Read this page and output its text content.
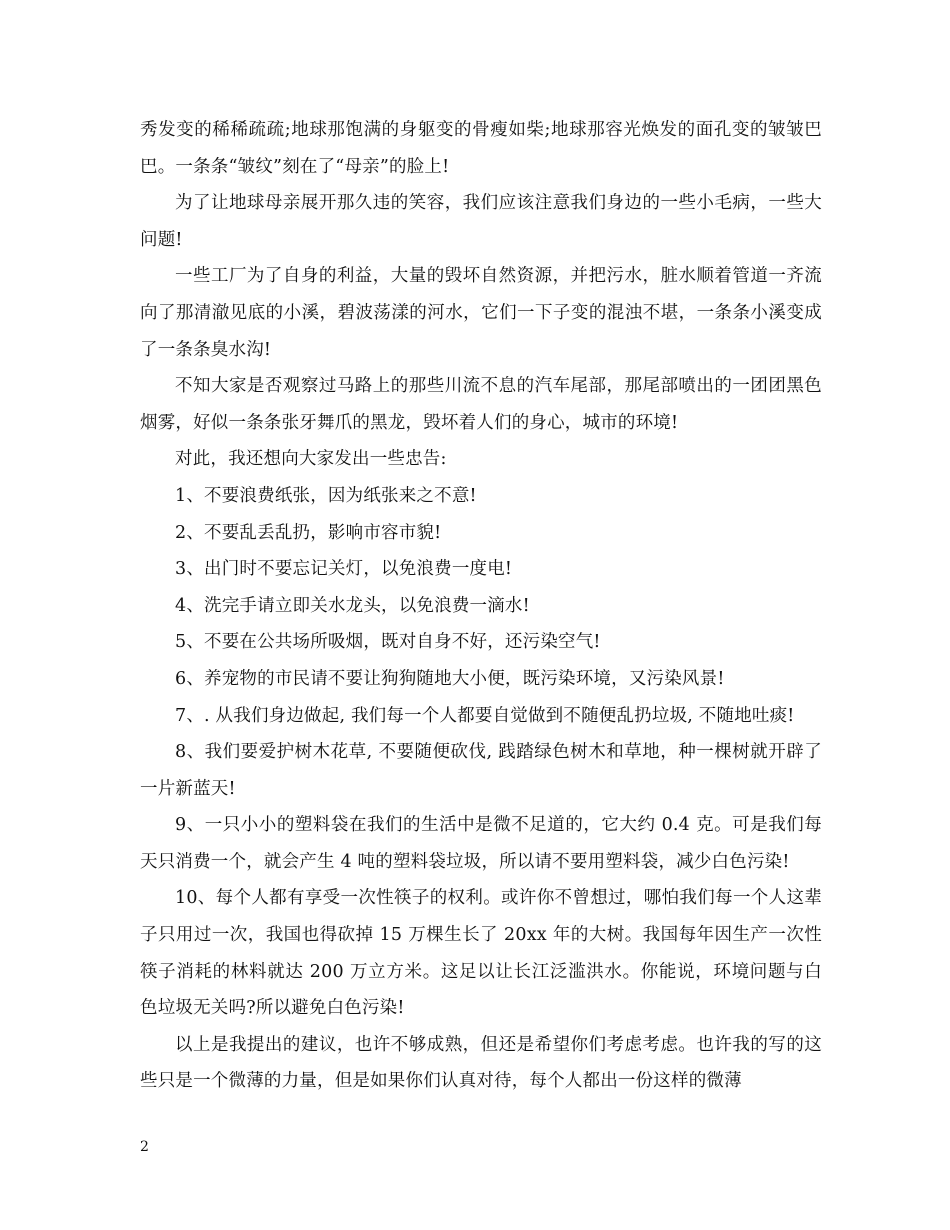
秀发变的稀稀疏疏;地球那饱满的身躯变的骨瘦如柴;地球那容光焕发的面孔变的皱皱巴巴。一条条“皱纹”刻在了“母亲”的脸上!

为了让地球母亲展开那久违的笑容，我们应该注意我们身边的一些小毛病，一些大问题!

一些工厂为了自身的利益，大量的毁坏自然资源，并把污水，脏水顺着管道一齐流向了那清澈见底的小溪，碧波荡漾的河水，它们一下子变的混浊不堪，一条条小溪变成了一条条臭水沟!

不知大家是否观察过马路上的那些川流不息的汽车尾部，那尾部喷出的一团团黑色烟雾，好似一条条张牙舞爪的黑龙，毁坏着人们的身心，城市的环境!

对此，我还想向大家发出一些忠告:

1、不要浪费纸张，因为纸张来之不意!

2、不要乱丢乱扔，影响市容市貌!

3、出门时不要忘记关灯，以免浪费一度电!

4、洗完手请立即关水龙头，以免浪费一滴水!

5、不要在公共场所吸烟，既对自身不好，还污染空气!

6、养宠物的市民请不要让狗狗随地大小便，既污染环境，又污染风景!

7、. 从我们身边做起, 我们每一个人都要自觉做到不随便乱扔垃圾, 不随地吐痰!

8、我们要爱护树木花草, 不要随便砍伐, 践踏绿色树木和草地，种一棵树就开辟了一片新蓝天!

9、一只小小的塑料袋在我们的生活中是微不足道的，它大约 0.4 克。可是我们每天只消费一个，就会产生 4 吨的塑料袋垃圾，所以请不要用塑料袋，减少白色污染!

10、每个人都有享受一次性筷子的权利。或许你不曾想过，哪怕我们每一个人这辈子只用过一次，我国也得砍掉 15 万棵生长了 20xx 年的大树。我国每年因生产一次性筷子消耗的林料就达 200 万立方米。这足以让长江泛滥洪水。你能说，环境问题与白色垃圾无关吗?所以避免白色污染!

以上是我提出的建议，也许不够成熟，但还是希望你们考虑考虑。也许我的写的这些只是一个微薄的力量，但是如果你们认真对待，每个人都出一份这样的微薄

2
